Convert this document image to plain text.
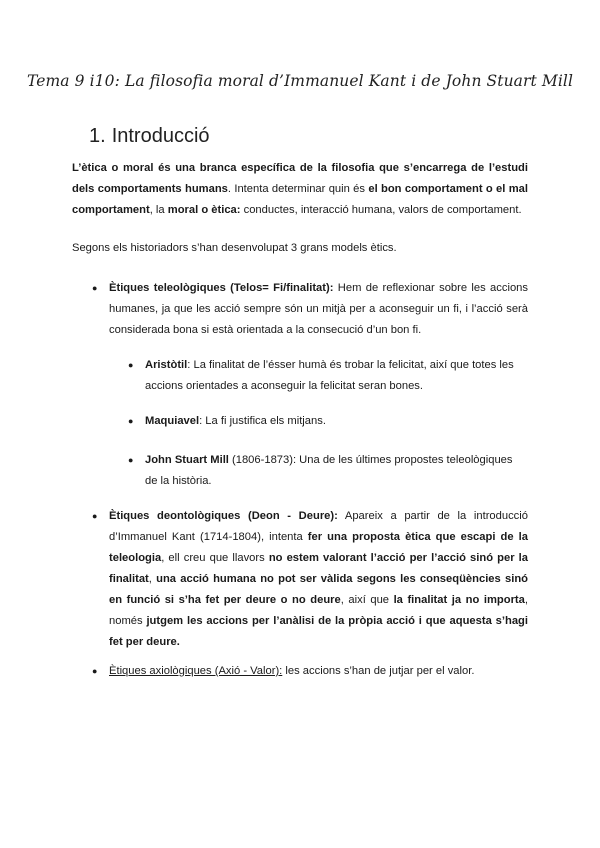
Tema 9 i10: La filosofia moral d’Immanuel Kant i de John Stuart Mill
1. Introducció
L’ètica o moral és una branca específica de la filosofia que s’encarrega de l’estudi dels comportaments humans. Intenta determinar quin és el bon comportament o el mal comportament, la moral o ètica: conductes, interacció humana, valors de comportament.
Segons els historiadors s’han desenvolupat 3 grans models ètics.
● Ètiques teleològiques (Telos= Fi/finalitat): Hem de reflexionar sobre les accions humanes, ja que les acció sempre són un mitjà per a aconseguir un fi, i l’acció serà considerada bona si està orientada a la consecució d’un bon fi.
● Aristòtil: La finalitat de l’ésser humà és trobar la felicitat, així que totes les accions orientades a aconseguir la felicitat seran bones.
● Maquiavel: La fi justifica els mitjans.
● John Stuart Mill (1806-1873): Una de les últimes propostes teleològiques de la història.
● Ètiques deontològiques (Deon - Deure): Apareix a partir de la introducció d’Immanuel Kant (1714-1804), intenta fer una proposta ètica que escapi de la teleologia, ell creu que llavors no estem valorant l’acció per l’acció sinó per la finalitat, una acció humana no pot ser vàlida segons les conseqüències sinó en funció si s’ha fet per deure o no deure, així que la finalitat ja no importa, només jutgem les accions per l’anàlisi de la pròpia acció i que aquesta s’hagi fet per deure.
● Ètiques axiològiques (Axió - Valor): les accions s’han de jutjar per el valor.
